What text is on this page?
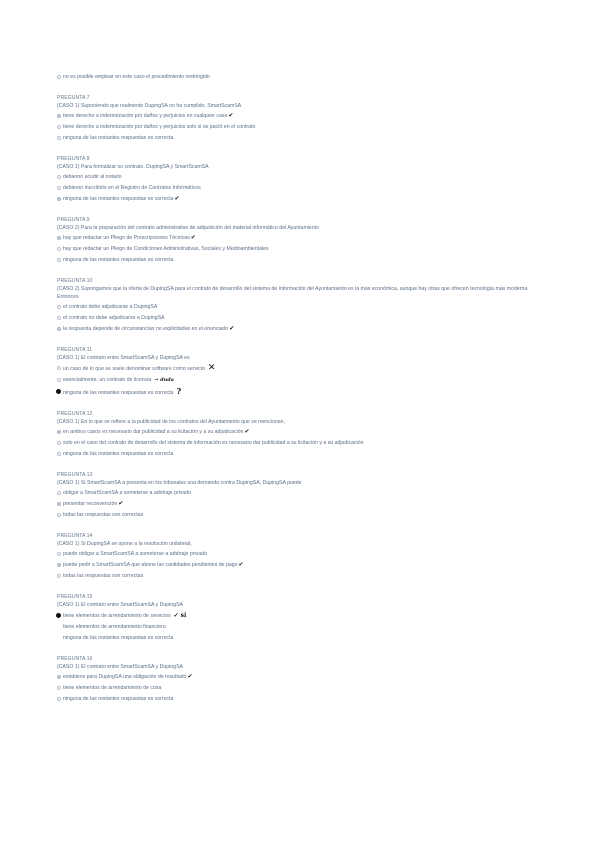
no es posible emplear en este caso el procedimiento restringido
PREGUNTA 7
(CASO 1) Suponiendo que realmente DupingSA no ha cumplido, SmartScamSA
tiene derecho a indemnización por daños y perjuicios en cualquier caso✔
tiene derecho a indemnización por daños y perjuicios solo si se pactó en el contrato
ninguna de las restantes respuestas es correcta
PREGUNTA 8
(CASO 1) Para formalizar su contrato, DupingSA y SmartScamSA
debieron acudir al notario
debieron inscribirlo en el Registro de Contratos Informáticos
ninguna de las restantes respuestas es correcta✔
PREGUNTA 9
(CASO 2) Para la preparación del contrato administrativo de adquisición del material informático del Ayuntamiento
hay que redactar un Pliego de Prescripciones Técnicas✔
hay que redactar un Pliego de Condiciones Administrativas, Sociales y Medioambientales
ninguna de las restantes respuestas es correcta
PREGUNTA 10
(CASO 2) Supongamos que la oferta de DupingSA para el contrato de desarrollo del sistema de información del Ayuntamiento es la más económica, aunque hay otras que ofrecen tecnología más moderna. Entonces
el contrato debe adjudicarse a DupingSA
el contrato no debe adjudicarse a DupingSA
la respuesta depende de circunstancias no explicitadas en el enunciado✔
PREGUNTA 11
(CASO 1) El contrato entre SmartScamSA y DupingSA es
un caso de lo que se suele denominar software como servicio ✕
esencialmente, un contrato de licencia → duda
ninguna de las restantes respuestas es correcta ?
PREGUNTA 12
(CASO 1) En lo que se refiere a la publicidad de los contratos del Ayuntamiento que se mencionan,
en ambos casos es necesario dar publicidad a su licitación y a su adjudicación✔
solo en el caso del contrato de desarrollo del sistema de información es necesario dar publicidad a su licitación y a su adjudicación
ninguna de las restantes respuestas es correcta
PREGUNTA 13
(CASO 1) Si SmartScamSA a presenta en los tribunales una demanda contra DupingSA, DupingSA puede
obligar a SmartScamSA a someterse a arbitraje privado
presentar reconvención✔
todas las respuestas son correctas
PREGUNTA 14
(CASO 1) Si DupingSA se opone a la resolución unilateral,
puede obligar a SmartScamSA a someterse a arbitraje privado
puede pedir a SmartScamSA que abone las cantidades pendientes de pago✔
todas las respuestas son correctas
PREGUNTA 15
(CASO 1) El contrato entre SmartScamSA y DupingSA
tiene elementos de arrendamiento de servicios ✓ sí
tiene elementos de arrendamiento financiero
ninguna de las restantes respuestas es correcta
PREGUNTA 16
(CASO 1) El contrato entre SmartScamSA y DupingSA
establece para DupingSA una obligación de resultado✔
tiene elementos de arrendamiento de cosa
ninguna de las restantes respuestas es correcta
